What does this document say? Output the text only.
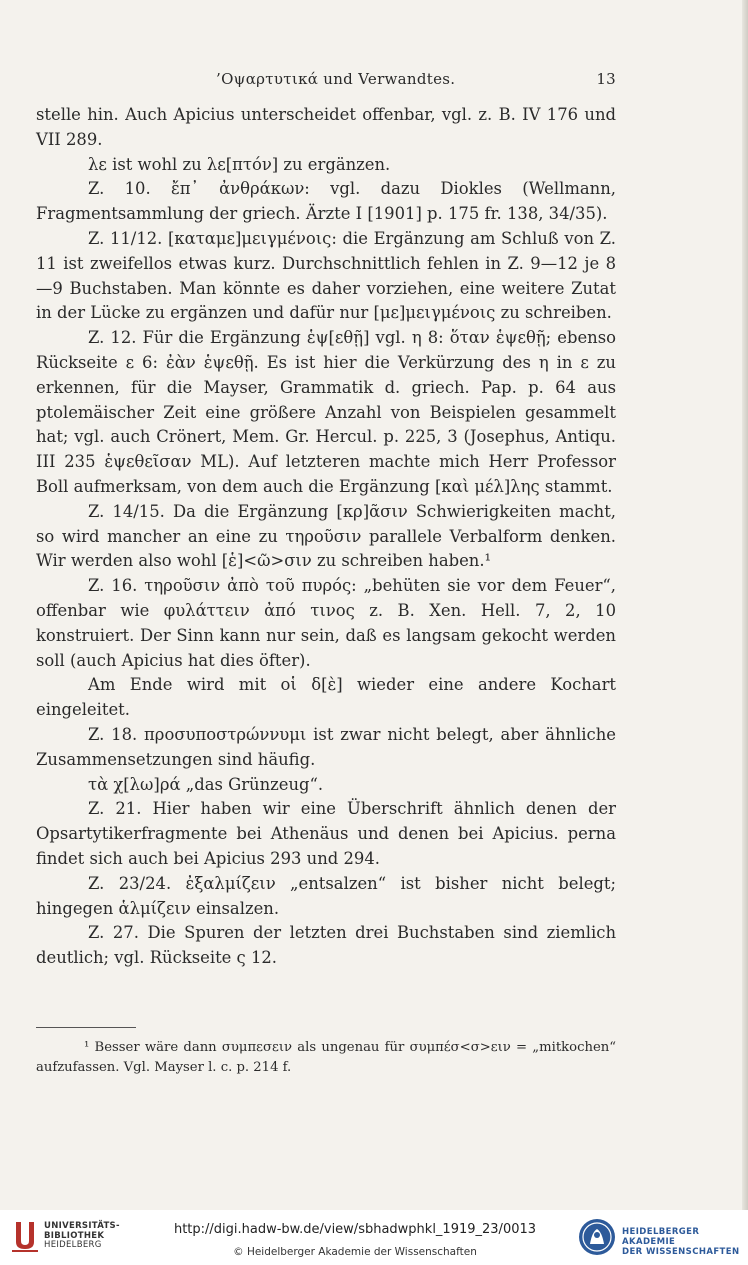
’Οψαρτυτικά und Verwandtes.	13

stelle hin. Auch Apicius unterscheidet offenbar, vgl. z. B. IV 176 und VII 289.

λε ist wohl zu λε[πτόν] zu ergänzen.

Z. 10. ἔπ᾽ ἀνθράκων: vgl. dazu Diokles (Wellmann, Fragmentsammlung der griech. Ärzte I [1901] p. 175 fr. 138, 34/35).

Z. 11/12. [καταμε]μειγμένοις: die Ergänzung am Schluß von Z. 11 ist zweifellos etwas kurz. Durchschnittlich fehlen in Z. 9—12 je 8—9 Buchstaben. Man könnte es daher vorziehen, eine weitere Zutat in der Lücke zu ergänzen und dafür nur [με]μειγμένοις zu schreiben.

Z. 12. Für die Ergänzung ἑψ[εθῇ] vgl. η 8: ὅταν ἑψεθῇ; ebenso Rückseite ε 6: ἐὰν ἑψεθῇ. Es ist hier die Verkürzung des η in ε zu erkennen, für die Mayser, Grammatik d. griech. Pap. p. 64 aus ptolemäischer Zeit eine größere Anzahl von Beispielen gesammelt hat; vgl. auch Crönert, Mem. Gr. Hercul. p. 225, 3 (Josephus, Antiqu. III 235 ἑψεθεῖσαν ML). Auf letzteren machte mich Herr Professor Boll aufmerksam, von dem auch die Ergänzung [καὶ μέλ]λης stammt.

Z. 14/15. Da die Ergänzung [κρ]ᾶσιν Schwierigkeiten macht, so wird mancher an eine zu τηροῦσιν parallele Verbalform denken. Wir werden also wohl [ἑ]<ῶ>σιν zu schreiben haben.¹

Z. 16. τηροῦσιν ἀπὸ τοῦ πυρός: „behüten sie vor dem Feuer“, offenbar wie φυλάττειν ἀπό τινος z. B. Xen. Hell. 7, 2, 10 konstruiert. Der Sinn kann nur sein, daß es langsam gekocht werden soll (auch Apicius hat dies öfter).

Am Ende wird mit οἱ δ[ὲ] wieder eine andere Kochart eingeleitet.

Z. 18. προσυποστρώννυμι ist zwar nicht belegt, aber ähnliche Zusammensetzungen sind häufig.

τὰ χ[λω]ρά „das Grünzeug“.

Z. 21. Hier haben wir eine Überschrift ähnlich denen der Opsartytikerfragmente bei Athenäus und denen bei Apicius. perna findet sich auch bei Apicius 293 und 294.

Z. 23/24. ἐξαλμίζειν „entsalzen“ ist bisher nicht belegt; hingegen ἁλμίζειν einsalzen.

Z. 27. Die Spuren der letzten drei Buchstaben sind ziemlich deutlich; vgl. Rückseite ς 12.

¹ Besser wäre dann συμπεσειν als ungenau für συμπέσ<σ>ειν = „mitkochen“ aufzufassen. Vgl. Mayser l. c. p. 214 f.
UNIVERSITÄTS-
BIBLIOTHEK
HEIDELBERG
http://digi.hadw-bw.de/view/sbhadwphkl_1919_23/0013
© Heidelberger Akademie der Wissenschaften
HEIDELBERGER AKADEMIE
DER WISSENSCHAFTEN
